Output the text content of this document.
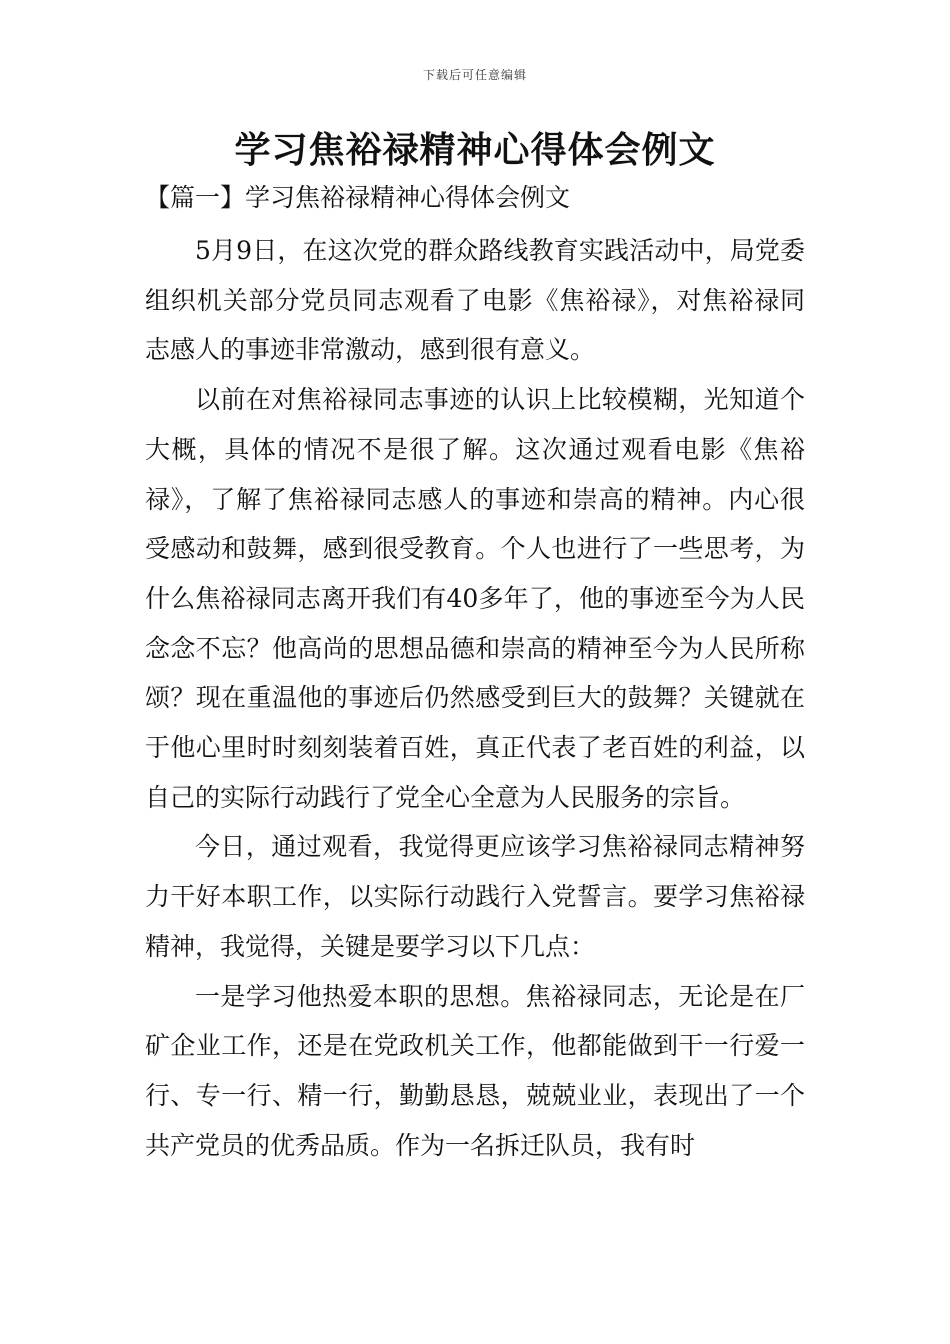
下载后可任意编辑
学习焦裕禄精神心得体会例文
【篇一】学习焦裕禄精神心得体会例文

5月9日，在这次党的群众路线教育实践活动中，局党委组织机关部分党员同志观看了电影《焦裕禄》，对焦裕禄同志感人的事迹非常激动，感到很有意义。

以前在对焦裕禄同志事迹的认识上比较模糊，光知道个大概，具体的情况不是很了解。这次通过观看电影《焦裕禄》，了解了焦裕禄同志感人的事迹和崇高的精神。内心很受感动和鼓舞，感到很受教育。个人也进行了一些思考，为什么焦裕禄同志离开我们有40多年了，他的事迹至今为人民念念不忘？他高尚的思想品德和崇高的精神至今为人民所称颂？现在重温他的事迹后仍然感受到巨大的鼓舞？关键就在于他心里时时刻刻装着百姓，真正代表了老百姓的利益，以自己的实际行动践行了党全心全意为人民服务的宗旨。

今日，通过观看，我觉得更应该学习焦裕禄同志精神努力干好本职工作，以实际行动践行入党誓言。要学习焦裕禄精神，我觉得，关键是要学习以下几点：

一是学习他热爱本职的思想。焦裕禄同志，无论是在厂矿企业工作，还是在党政机关工作，他都能做到干一行爱一行、专一行、精一行，勤勤恳恳，兢兢业业，表现出了一个共产党员的优秀品质。作为一名拆迁队员，我有时
